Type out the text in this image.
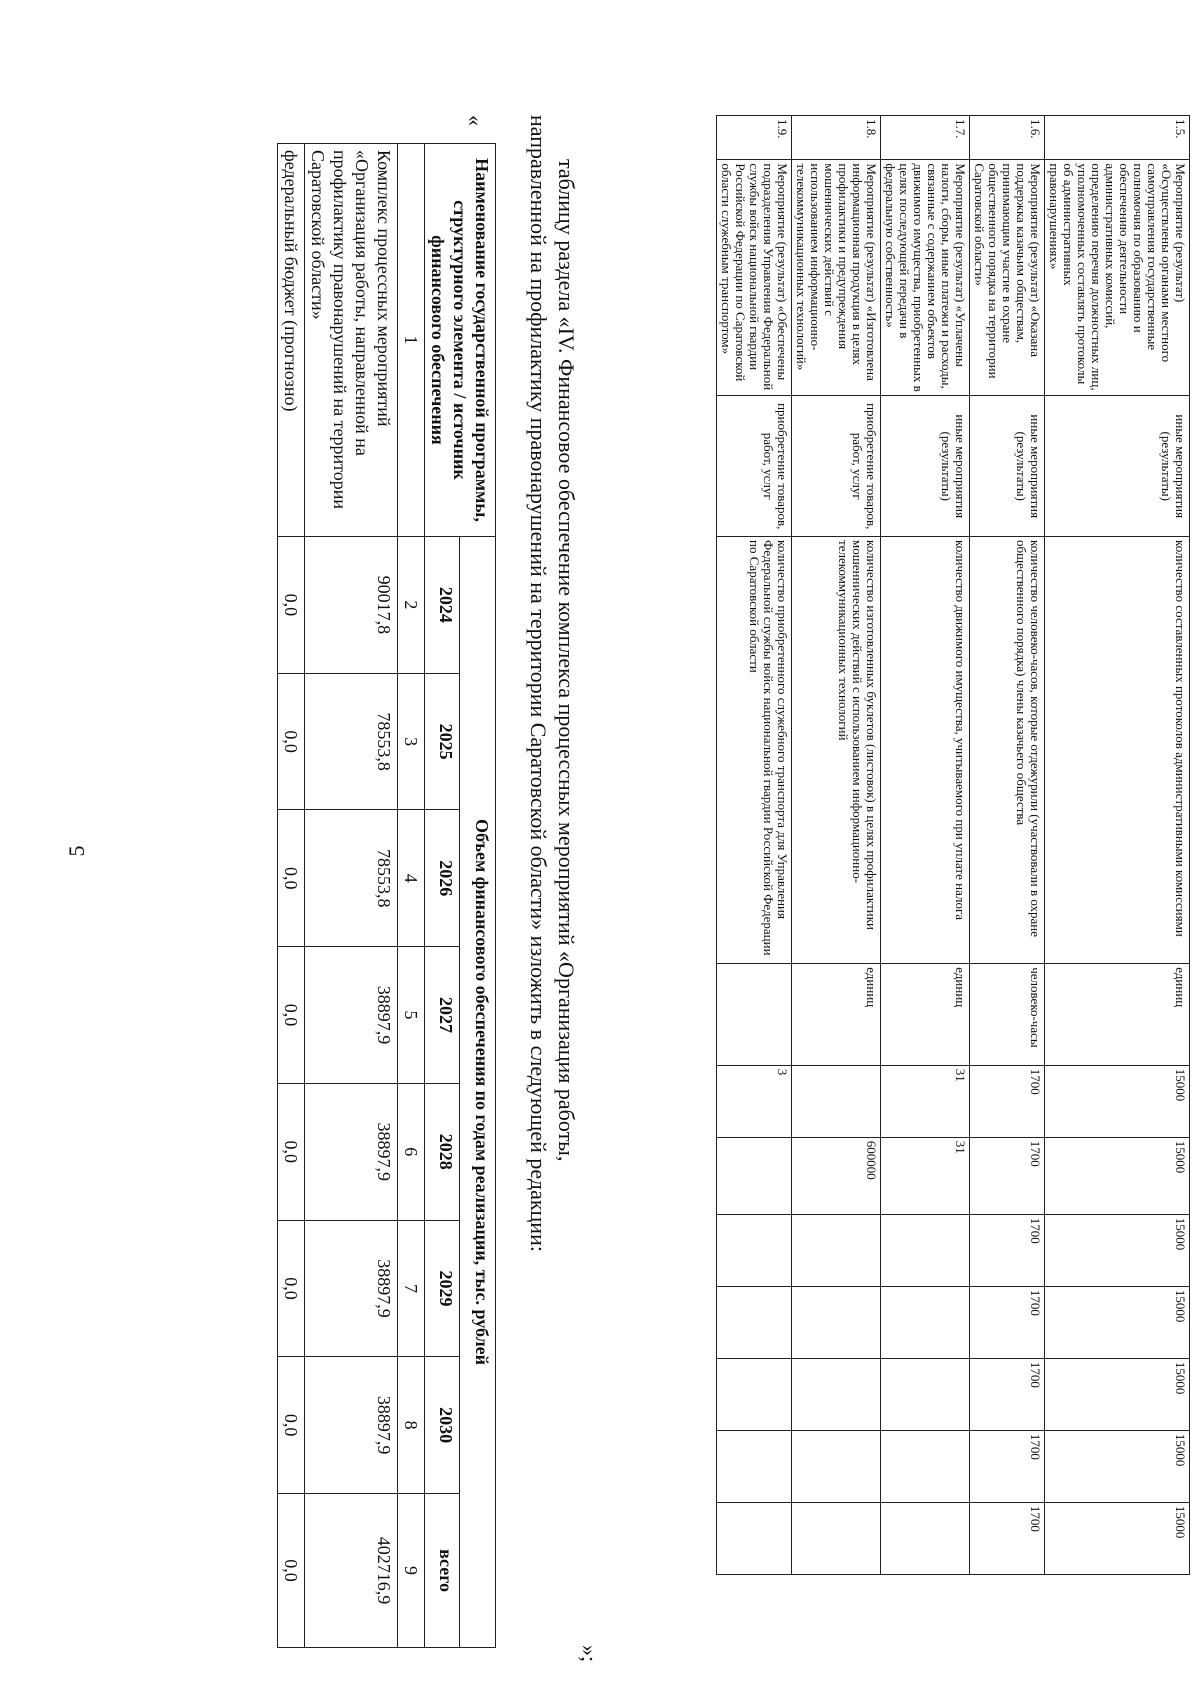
5
1.5.	Мероприятие (результат) «Осуществлены органами местного самоуправления государственные полномочия по образованию и обеспечению деятельности административных комиссий, определению перечня должностных лиц, уполномоченных составлять протоколы об административных правонарушениях»	иные мероприятия (результаты)	количество составленных протоколов административными комиссиями	единиц	15000	15000	15000	15000	15000	15000	15000
1.6.	Мероприятие (результат) «Оказана поддержка казачьим обществам, принимающим участие в охране общественного порядка на территории Саратовской области»	иные мероприятия (результаты)	количество человеко-часов, которые отдежурили (участвовали в охране общественного порядка) члены казачьего общества	человеко-часы	1700	1700	1700	1700	1700	1700	1700
1.7.	Мероприятие (результат) «Уплачены налоги, сборы, иные платежи и расходы, связанные с содержанием объектов движимого имущества, приобретенных в целях последующей передачи в федеральную собственность»	иные мероприятия (результаты)	количество движимого имущества, учитываемого при уплате налога	единиц	31	31					
1.8.	Мероприятие (результат) «Изготовлена информационная продукция в целях профилактики и предупреждения мошеннических действий с использованием информационно-телекоммуникационных технологий»	приобретение товаров, работ, услуг	количество изготовленных буклетов (листовок) в целях профилактики мошеннических действий с использованием информационно-телекоммуникационных технологий	единиц		600000					
1.9.	Мероприятие (результат) «Обеспечены подразделения Управления Федеральной службы войск национальной гвардии Российской Федерации по Саратовской области служебным транспортом»	приобретение товаров, работ, услуг	количество приобретенного служебного транспорта для Управления Федеральной службы войск национальной гвардии Российской Федерации по Саратовской области		3						
»;
таблицу раздела «IV. Финансовое обеспечение комплекса процессных мероприятий «Организация работы,
направленной на профилактику правонарушений на территории Саратовской области» изложить в следующей редакции:
«
Наименование государственной программы, структурного элемента / источник финансового обеспечения	Объем финансового обеспечения по годам реализации, тыс. рублей							
	2024	2025	2026	2027	2028	2029	2030	всего
1	2	3	4	5	6	7	8	9
Комплекс процессных мероприятий «Организация работы, направленной на профилактику правонарушений на территории Саратовской области»	90017,8	78553,8	78553,8	38897,9	38897,9	38897,9	38897,9	402716,9
федеральный бюджет (прогнозно)	0,0	0,0	0,0	0,0	0,0	0,0	0,0	0,0
